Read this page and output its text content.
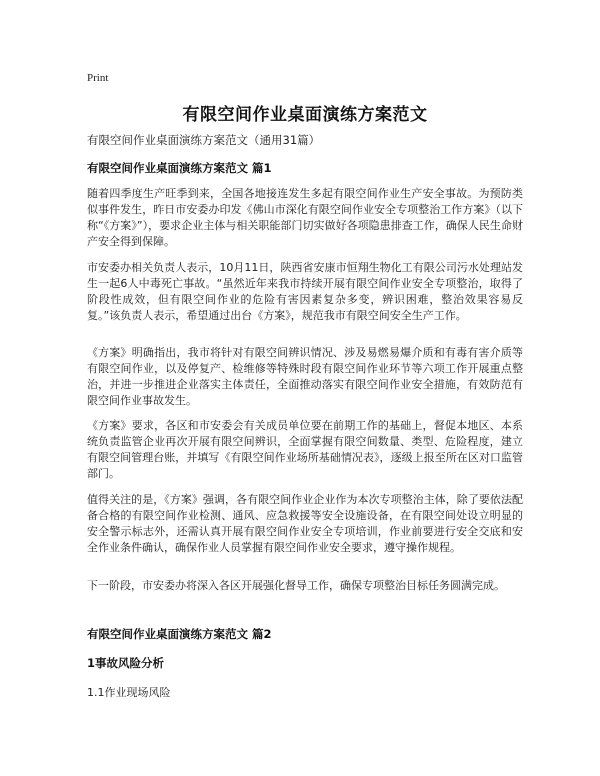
Print
有限空间作业桌面演练方案范文
有限空间作业桌面演练方案范文（通用31篇）
有限空间作业桌面演练方案范文 篇1
随着四季度生产旺季到来，全国各地接连发生多起有限空间作业生产安全事故。为预防类似事件发生，昨日市安委办印发《佛山市深化有限空间作业安全专项整治工作方案》（以下称“《方案》”），要求企业主体与相关职能部门切实做好各项隐患排查工作，确保人民生命财产安全得到保障。
市安委办相关负责人表示，10月11日，陕西省安康市恒翔生物化工有限公司污水处理站发生一起6人中毒死亡事故。“虽然近年来我市持续开展有限空间作业安全专项整治，取得了阶段性成效，但有限空间作业的危险有害因素复杂多变，辨识困难，整治效果容易反复。”该负责人表示，希望通过出台《方案》，规范我市有限空间安全生产工作。
《方案》明确指出，我市将针对有限空间辨识情况、涉及易燃易爆介质和有毒有害介质等有限空间作业，以及停复产、检维修等特殊时段有限空间作业环节等六项工作开展重点整治，并进一步推进企业落实主体责任，全面推动落实有限空间作业安全措施，有效防范有限空间作业事故发生。
《方案》要求，各区和市安委会有关成员单位要在前期工作的基础上，督促本地区、本系统负责监管企业再次开展有限空间辨识，全面掌握有限空间数量、类型、危险程度，建立有限空间管理台账，并填写《有限空间作业场所基础情况表》，逐级上报至所在区对口监管部门。
值得关注的是，《方案》强调，各有限空间作业企业作为本次专项整治主体，除了要依法配备合格的有限空间作业检测、通风、应急救援等安全设施设备，在有限空间处设立明显的安全警示标志外，还需认真开展有限空间作业安全专项培训，作业前要进行安全交底和安全作业条件确认，确保作业人员掌握有限空间作业安全要求，遵守操作规程。
下一阶段，市安委办将深入各区开展强化督导工作，确保专项整治目标任务圆满完成。
有限空间作业桌面演练方案范文 篇2
1事故风险分析
1.1作业现场风险
